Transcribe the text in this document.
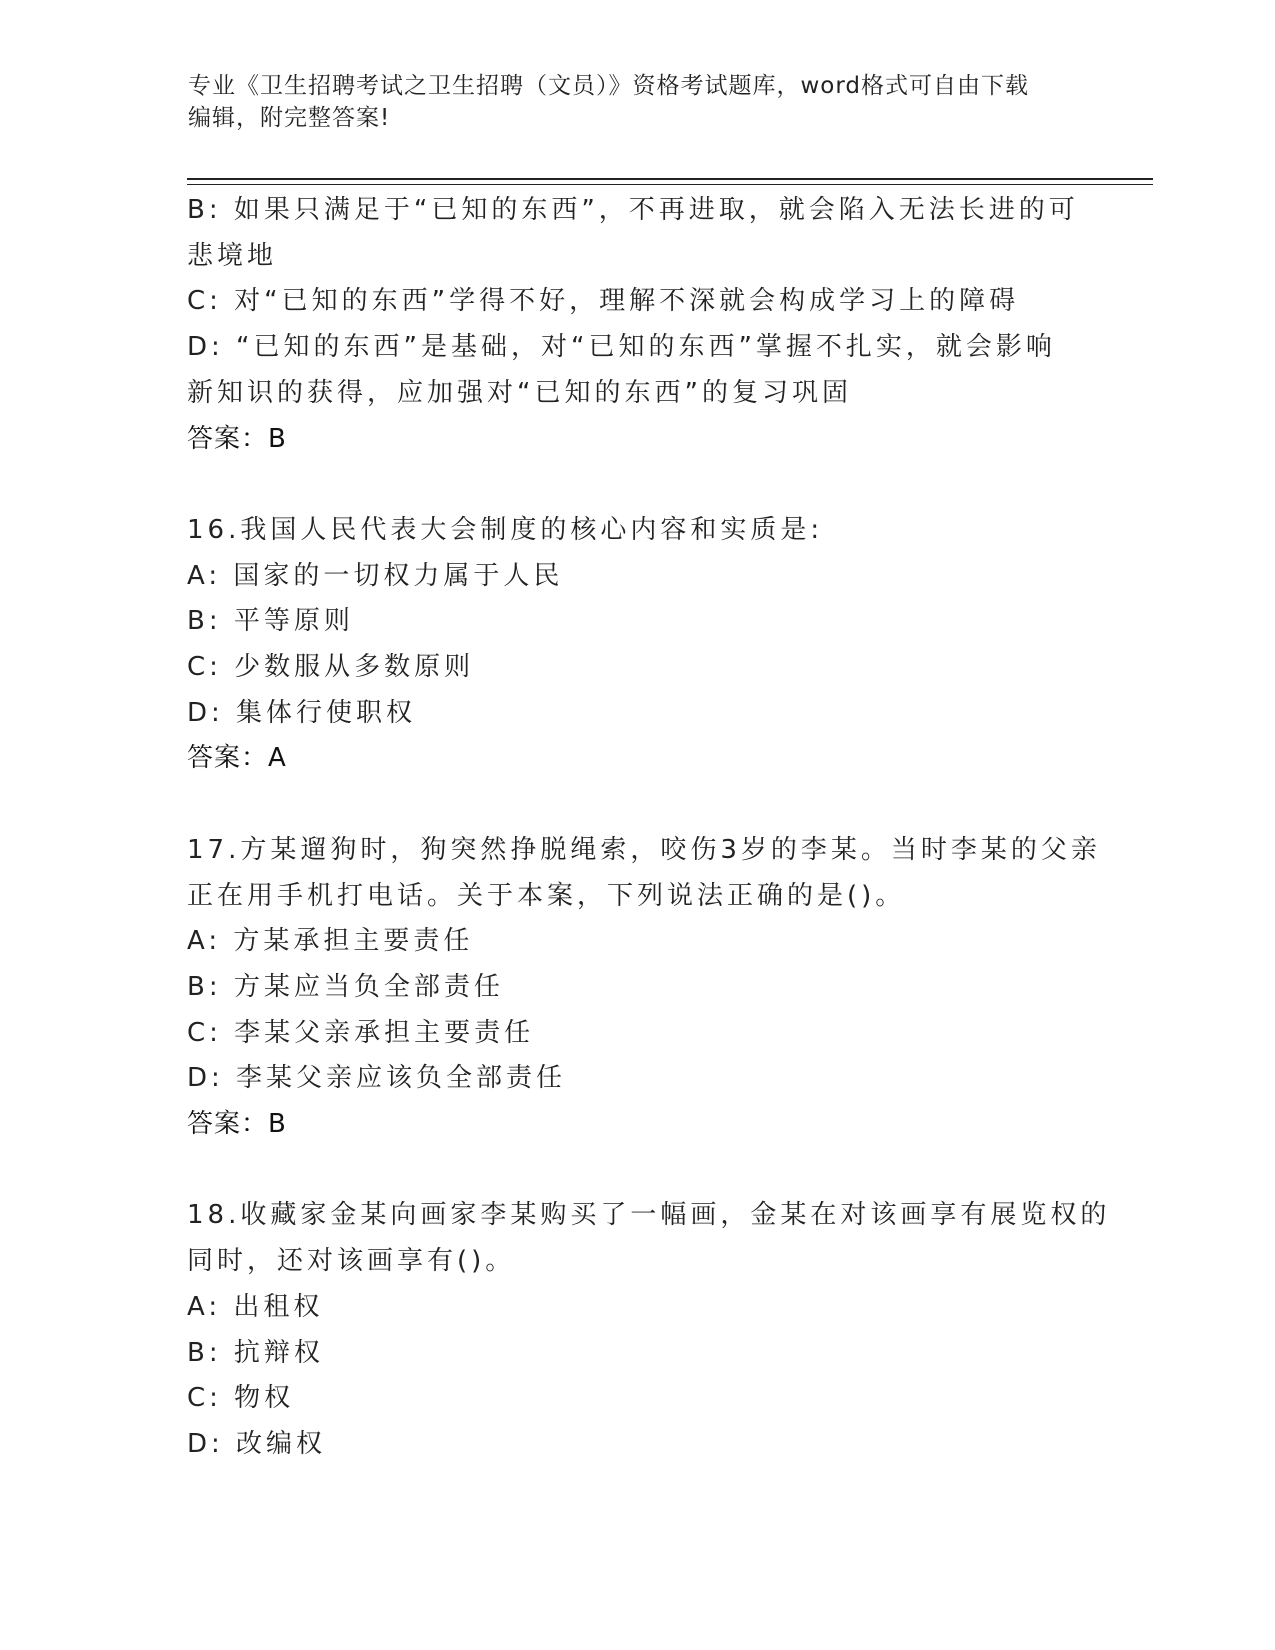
专业《卫生招聘考试之卫生招聘（文员）》资格考试题库，word格式可自由下载
编辑，附完整答案!

B: 如果只满足于“已知的东西”，不再进取，就会陷入无法长进的可

悲境地

C: 对“已知的东西”学得不好，理解不深就会构成学习上的障碍

D: “已知的东西”是基础，对“已知的东西”掌握不扎实，就会影响

新知识的获得，应加强对“已知的东西”的复习巩固

答案：B

16.我国人民代表大会制度的核心内容和实质是:

A: 国家的一切权力属于人民

B: 平等原则

C: 少数服从多数原则

D: 集体行使职权

答案：A

17.方某遛狗时，狗突然挣脱绳索，咬伤3岁的李某。当时李某的父亲

正在用手机打电话。关于本案，下列说法正确的是()。

A: 方某承担主要责任

B: 方某应当负全部责任

C: 李某父亲承担主要责任

D: 李某父亲应该负全部责任

答案：B

18.收藏家金某向画家李某购买了一幅画，金某在对该画享有展览权的

同时，还对该画享有()。

A: 出租权

B: 抗辩权

C: 物权

D: 改编权
